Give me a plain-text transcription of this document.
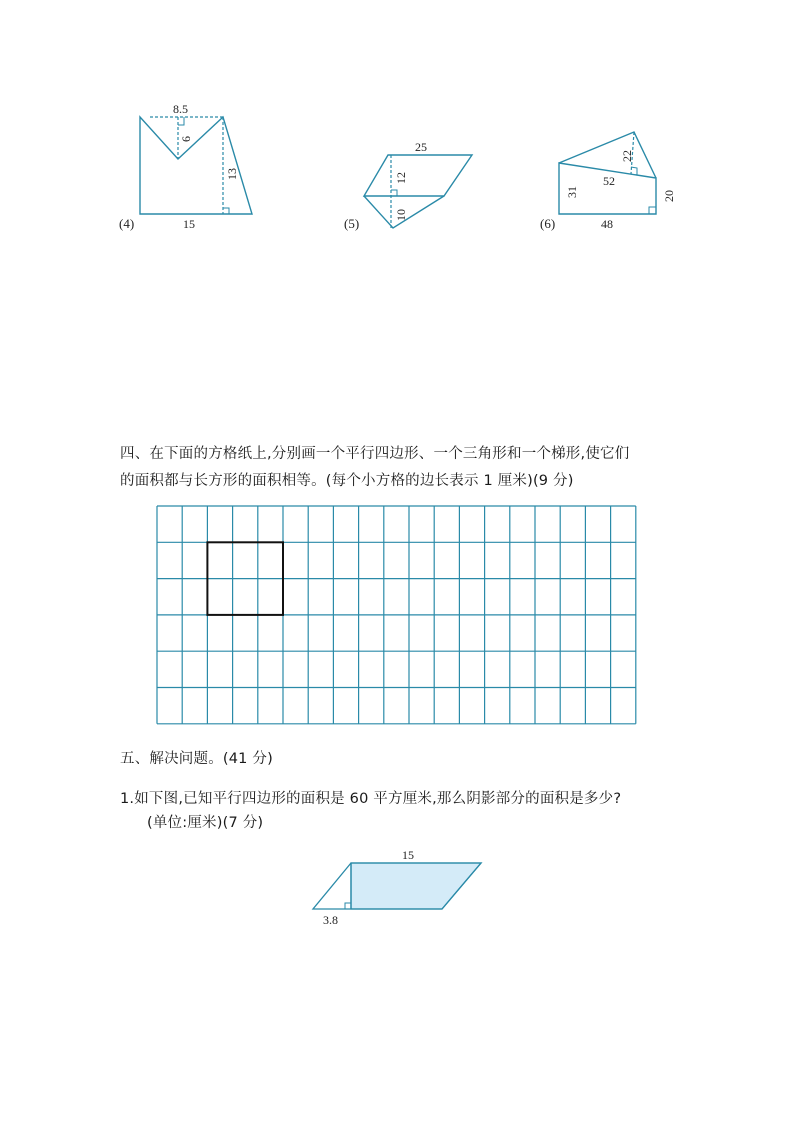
8.5
6
13
15
(4)
25
12
10
(5)
31
52
22
20
48
(6)
四、在下面的方格纸上,分别画一个平行四边形、一个三角形和一个梯形,使它们
的面积都与长方形的面积相等。(每个小方格的边长表示 1 厘米)(9 分)
五、解决问题。(41 分)
1.如下图,已知平行四边形的面积是 60 平方厘米,那么阴影部分的面积是多少?
(单位:厘米)(7 分)
15
3.8
